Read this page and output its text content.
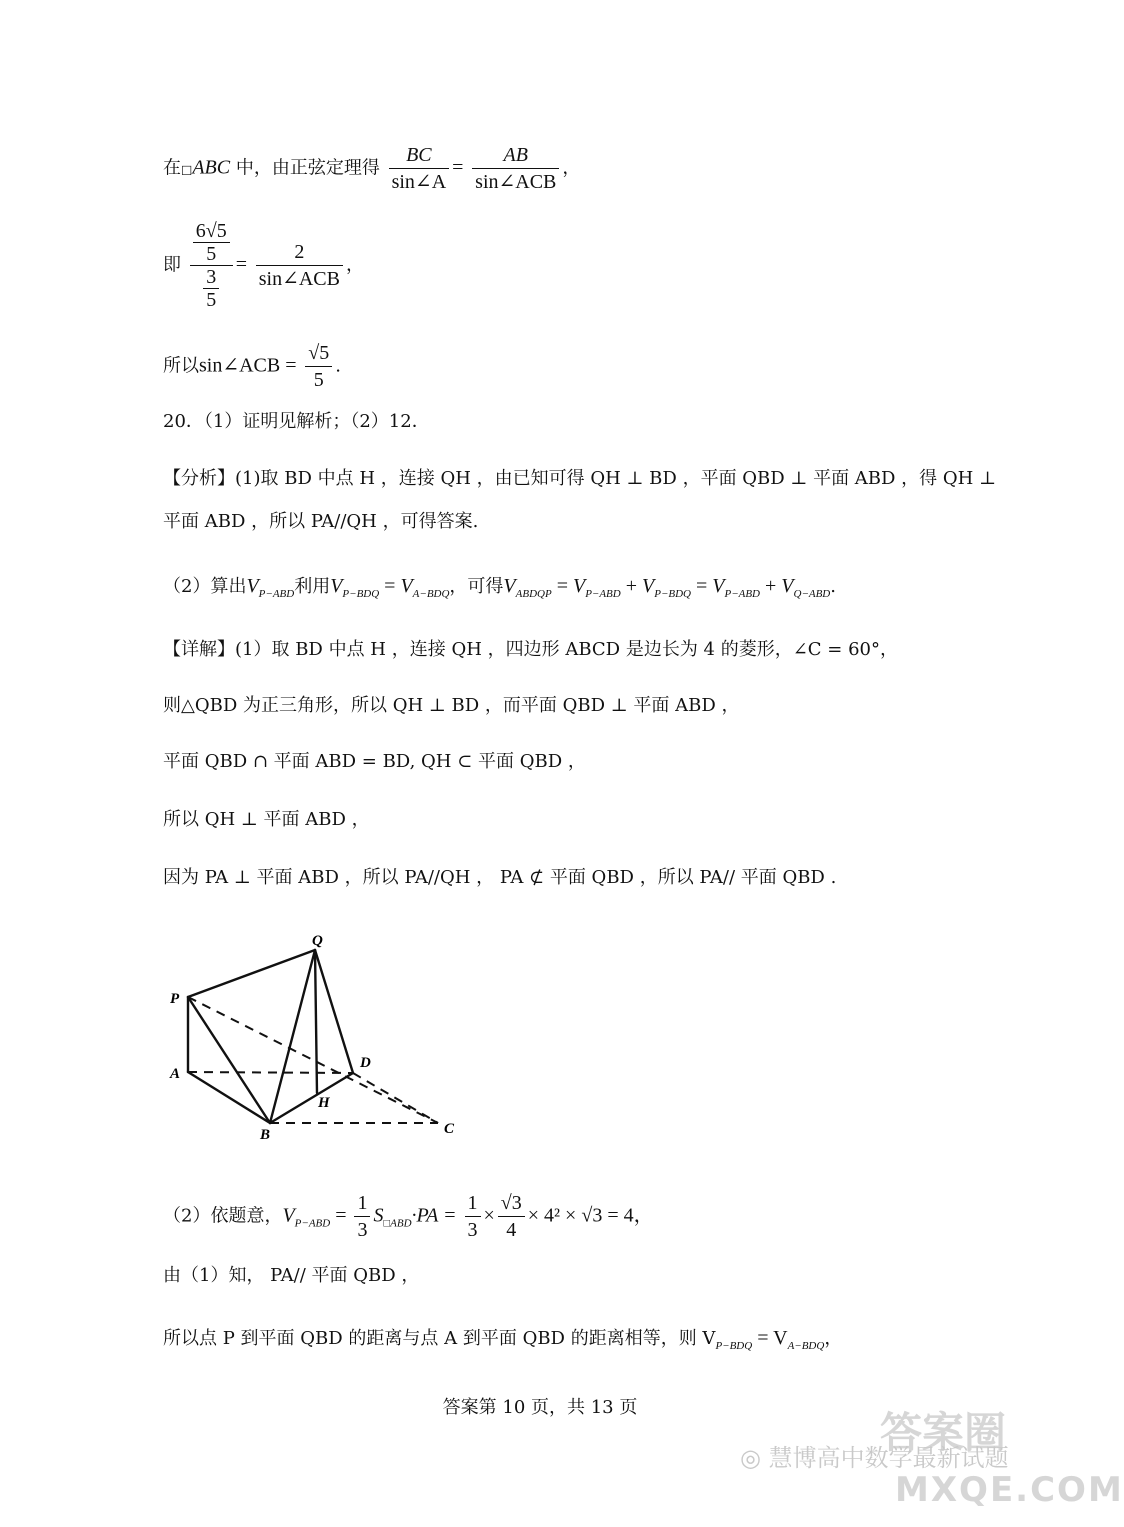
在□ABC 中，由正弦定理得 $\frac{BC}{\sin\angle A} = \frac{AB}{\text{sin∠ACB}}$ ，
即 $\frac{\frac{6√5}{5}}{\frac{3}{5}} = \frac{2}{\text{sin∠ACB}}$ ，
所以sin∠ACB = $\frac{√5}{5}$ .
20．（1）证明见解析；（2）12．
【分析】(1)取 BD 中点 H ，连接 QH ，由已知可得 QH ⊥ BD ，平面 QBD ⊥ 平面 ABD ，得 QH ⊥
平面 ABD ，所以 PA//QH ，可得答案.
（2）算出$V_{P-ABD}$利用$V_{P-BDQ} = V_{A-BDQ}$，可得$V_{ABDQP} = V_{P-ABD} + V_{P-BDQ} = V_{P-ABD} + V_{Q-ABD}$.
【详解】(1）取 BD 中点 H ，连接 QH ，四边形 ABCD 是边长为 4 的菱形，∠C = 60°，
则△QBD 为正三角形，所以 QH ⊥ BD ，而平面 QBD ⊥ 平面 ABD ，
平面 QBD ∩ 平面 ABD = BD, QH ⊂ 平面 QBD ，
所以 QH ⊥ 平面 ABD ，
因为 PA ⊥ 平面 ABD ，所以 PA//QH ， PA ⊄ 平面 QBD ，所以 PA// 平面 QBD .
Q
P
A
D
H
B	C
（2）依题意，$V_{P-ABD} = \frac{1}{3} S_{□ABD}\cdot PA = \frac{1}{3} \times \frac{√3}{4} \times 4^2 \times √3 = 4$，
由（1）知， PA// 平面 QBD ，
所以点 P 到平面 QBD 的距离与点 A 到平面 QBD 的距离相等，则 $V_{P-BDQ} = V_{A-BDQ}$，
答案第 10 页，共 13 页
答案圈
◎ 慧博高中数学最新试题
MXQE.COM
